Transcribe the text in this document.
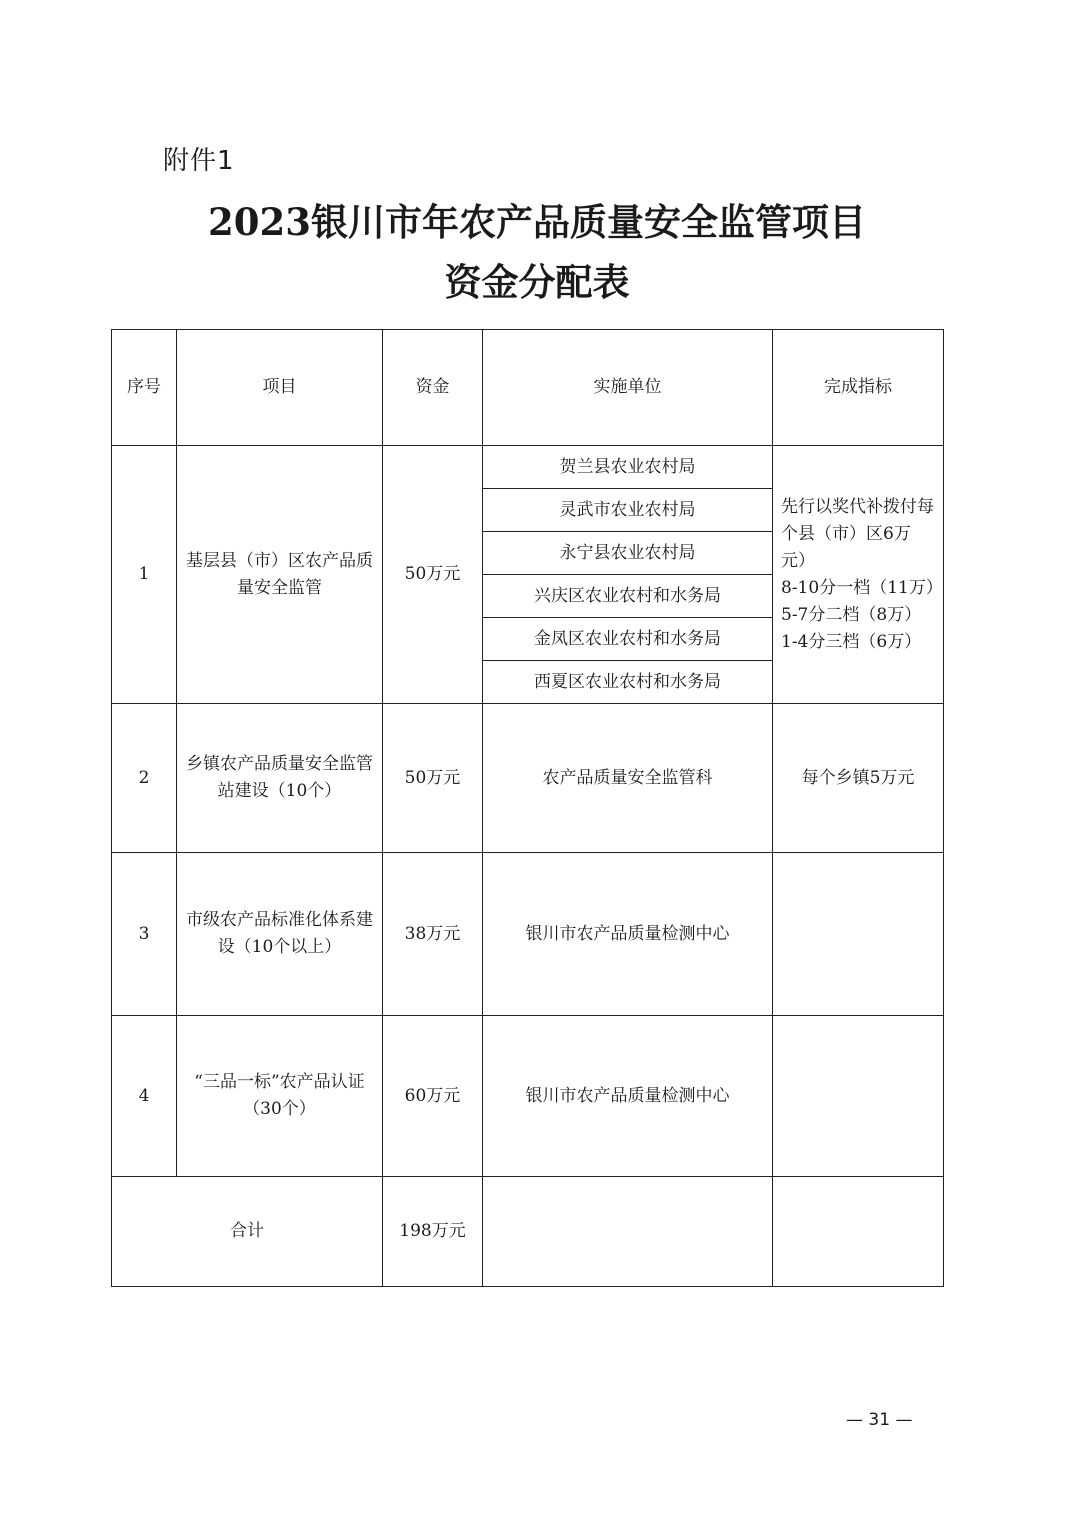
附件1
2023银川市年农产品质量安全监管项目
资金分配表
序号	项目	资金	实施单位	完成指标
1	基层县（市）区农产品质量安全监管	50万元	贺兰县农业农村局	先行以奖代补拨付每
个县（市）区6万元）
8-10分一档（11万）
5-7分二档（8万）
1-4分三档（6万）

			灵武市农业农村局	
			永宁县农业农村局	
			兴庆区农业农村和水务局	
			金凤区农业农村和水务局	
			西夏区农业农村和水务局	
2	乡镇农产品质量安全监管站建设（10个）	50万元	农产品质量安全监管科	每个乡镇5万元
3	市级农产品标准化体系建设（10个以上）	38万元	银川市农产品质量检测中心	
4	“三品一标”农产品认证（30个）	60万元	银川市农产品质量检测中心	
合计		198万元		
— 31 —
